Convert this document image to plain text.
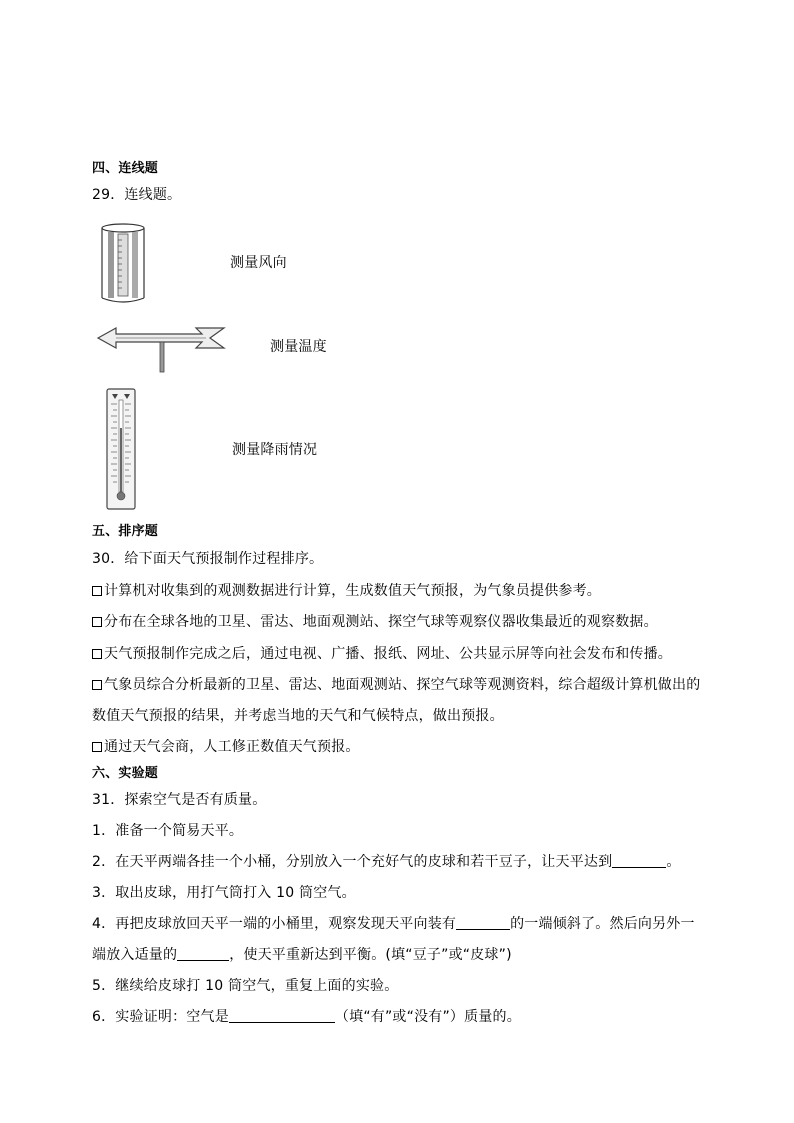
四、连线题
29．连线题。
测量风向
测量温度
测量降雨情况
五、排序题
30．给下面天气预报制作过程排序。
计算机对收集到的观测数据进行计算，生成数值天气预报，为气象员提供参考。
分布在全球各地的卫星、雷达、地面观测站、探空气球等观察仪器收集最近的观察数据。
天气预报制作完成之后，通过电视、广播、报纸、网址、公共显示屏等向社会发布和传播。
气象员综合分析最新的卫星、雷达、地面观测站、探空气球等观测资料，综合超级计算机做出的
数值天气预报的结果，并考虑当地的天气和气候特点，做出预报。
通过天气会商，人工修正数值天气预报。
六、实验题
31．探索空气是否有质量。
1．准备一个简易天平。
2．在天平两端各挂一个小桶，分别放入一个充好气的皮球和若干豆子，让天平达到	。
3．取出皮球，用打气筒打入 10 筒空气。
4．再把皮球放回天平一端的小桶里，观察发现天平向装有	的一端倾斜了。然后向另外一
端放入适量的	，使天平重新达到平衡。(填“豆子”或“皮球”)
5．继续给皮球打 10 筒空气，重复上面的实验。
6．实验证明：空气是	（填“有”或“没有”）质量的。
